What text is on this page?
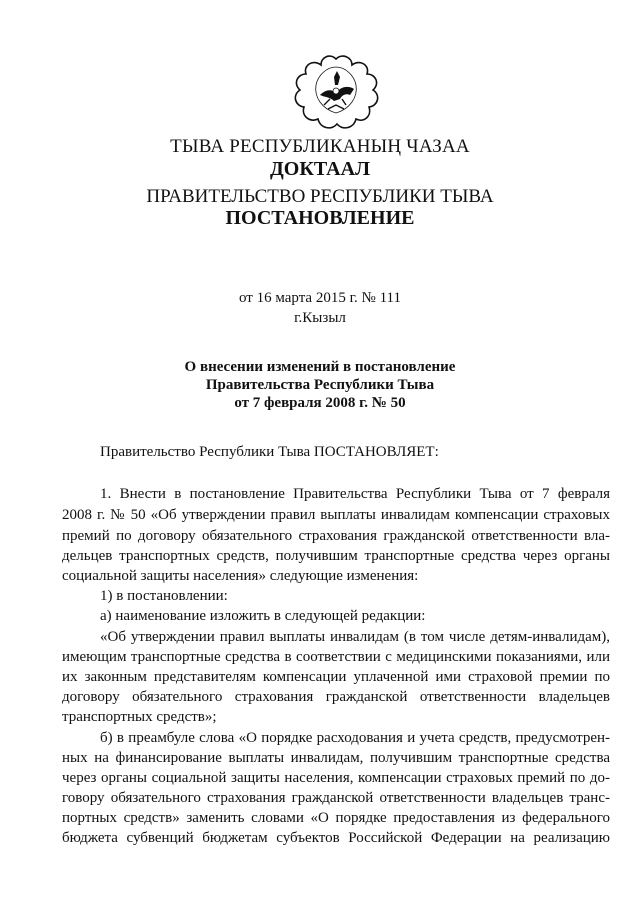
ТЫВА РЕСПУБЛИКАНЫҢ ЧАЗАА
ДОКТААЛ
ПРАВИТЕЛЬСТВО РЕСПУБЛИКИ ТЫВА
ПОСТАНОВЛЕНИЕ
от 16 марта 2015 г. № 111
г.Кызыл
О внесении изменений в постановление
Правительства Республики Тыва
от 7 февраля 2008 г. № 50
Правительство Республики Тыва ПОСТАНОВЛЯЕТ:
1. Внести в постановление Правительства Республики Тыва от 7 февраля
2008 г. № 50 «Об утверждении правил выплаты инвалидам компенсации страховых
премий по договору обязательного страхования гражданской ответственности вла-
дельцев транспортных средств, получившим транспортные средства через органы
социальной защиты населения» следующие изменения:
1) в постановлении:
а) наименование изложить в следующей редакции:
«Об утверждении правил выплаты инвалидам (в том числе детям-инвалидам),
имеющим транспортные средства в соответствии с медицинскими показаниями, или
их законным представителям компенсации уплаченной ими страховой премии по
договору обязательного страхования гражданской ответственности владельцев
транспортных средств»;
б) в преамбуле слова «О порядке расходования и учета средств, предусмотрен-
ных на финансирование выплаты инвалидам, получившим транспортные средства
через органы социальной защиты населения, компенсации страховых премий по до-
говору обязательного страхования гражданской ответственности владельцев транс-
портных средств» заменить словами «О порядке предоставления из федерального
бюджета субвенций бюджетам субъектов Российской Федерации на реализацию
